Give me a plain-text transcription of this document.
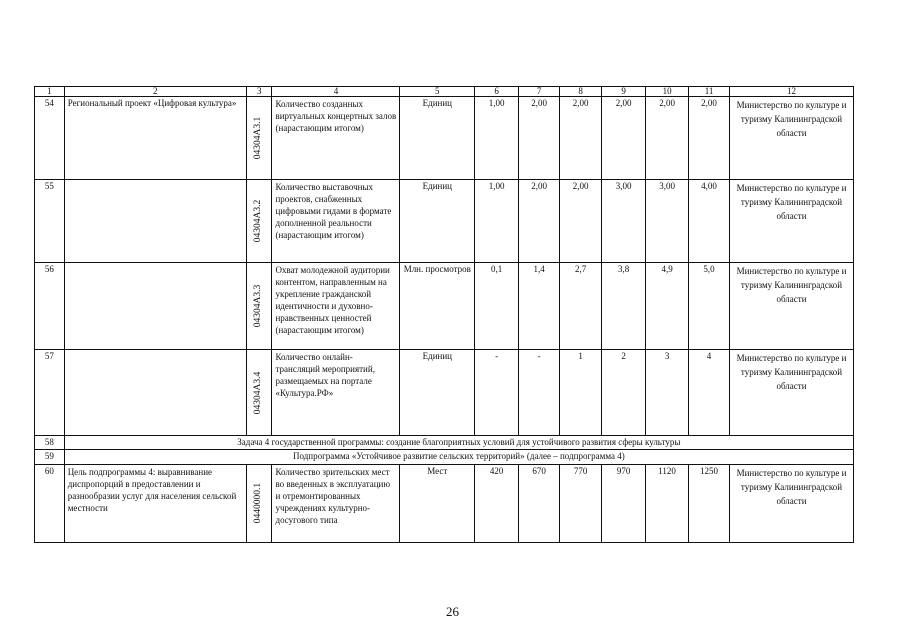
1	2	3	4	5	6	7	8	9	10	11	12
54	Региональный проект «Цифровая культура»	04304A3.1	Количество созданных виртуальных концертных залов (нарастающим итогом)	Единиц	1,00	2,00	2,00	2,00	2,00	2,00	Министерство по культуре и туризму Калининградской области
55		04304A3.2	Количество выставочных проектов, снабженных цифровыми гидами в формате дополненной реальности (нарастающим итогом)	Единиц	1,00	2,00	2,00	3,00	3,00	4,00	Министерство по культуре и туризму Калининградской области
56		04304A3.3	Охват молодежной аудитории контентом, направленным на укрепление гражданской идентичности и духовно-нравственных ценностей (нарастающим итогом)	Млн. просмотров	0,1	1,4	2,7	3,8	4,9	5,0	Министерство по культуре и туризму Калининградской области
57		04304A3.4	Количество онлайн-трансляций мероприятий, размещаемых на портале «Культура.РФ»	Единиц	-	-	1	2	3	4	Министерство по культуре и туризму Калининградской области
58	Задача 4 государственной программы: создание благоприятных условий для устойчивого развития сферы культуры										
59	Подпрограмма «Устойчивое развитие сельских территорий» (далее – подпрограмма 4)										
60	Цель подпрограммы 4: выравнивание диспропорций в предоставлении и разнообразии услуг для населения сельской местности	0440000.1	Количество зрительских мест во введенных в эксплуатацию и отремонтированных учреждениях культурно-досугового типа	Мест	420	670	770	970	1120	1250	Министерство по культуре и туризму Калининградской области
26
